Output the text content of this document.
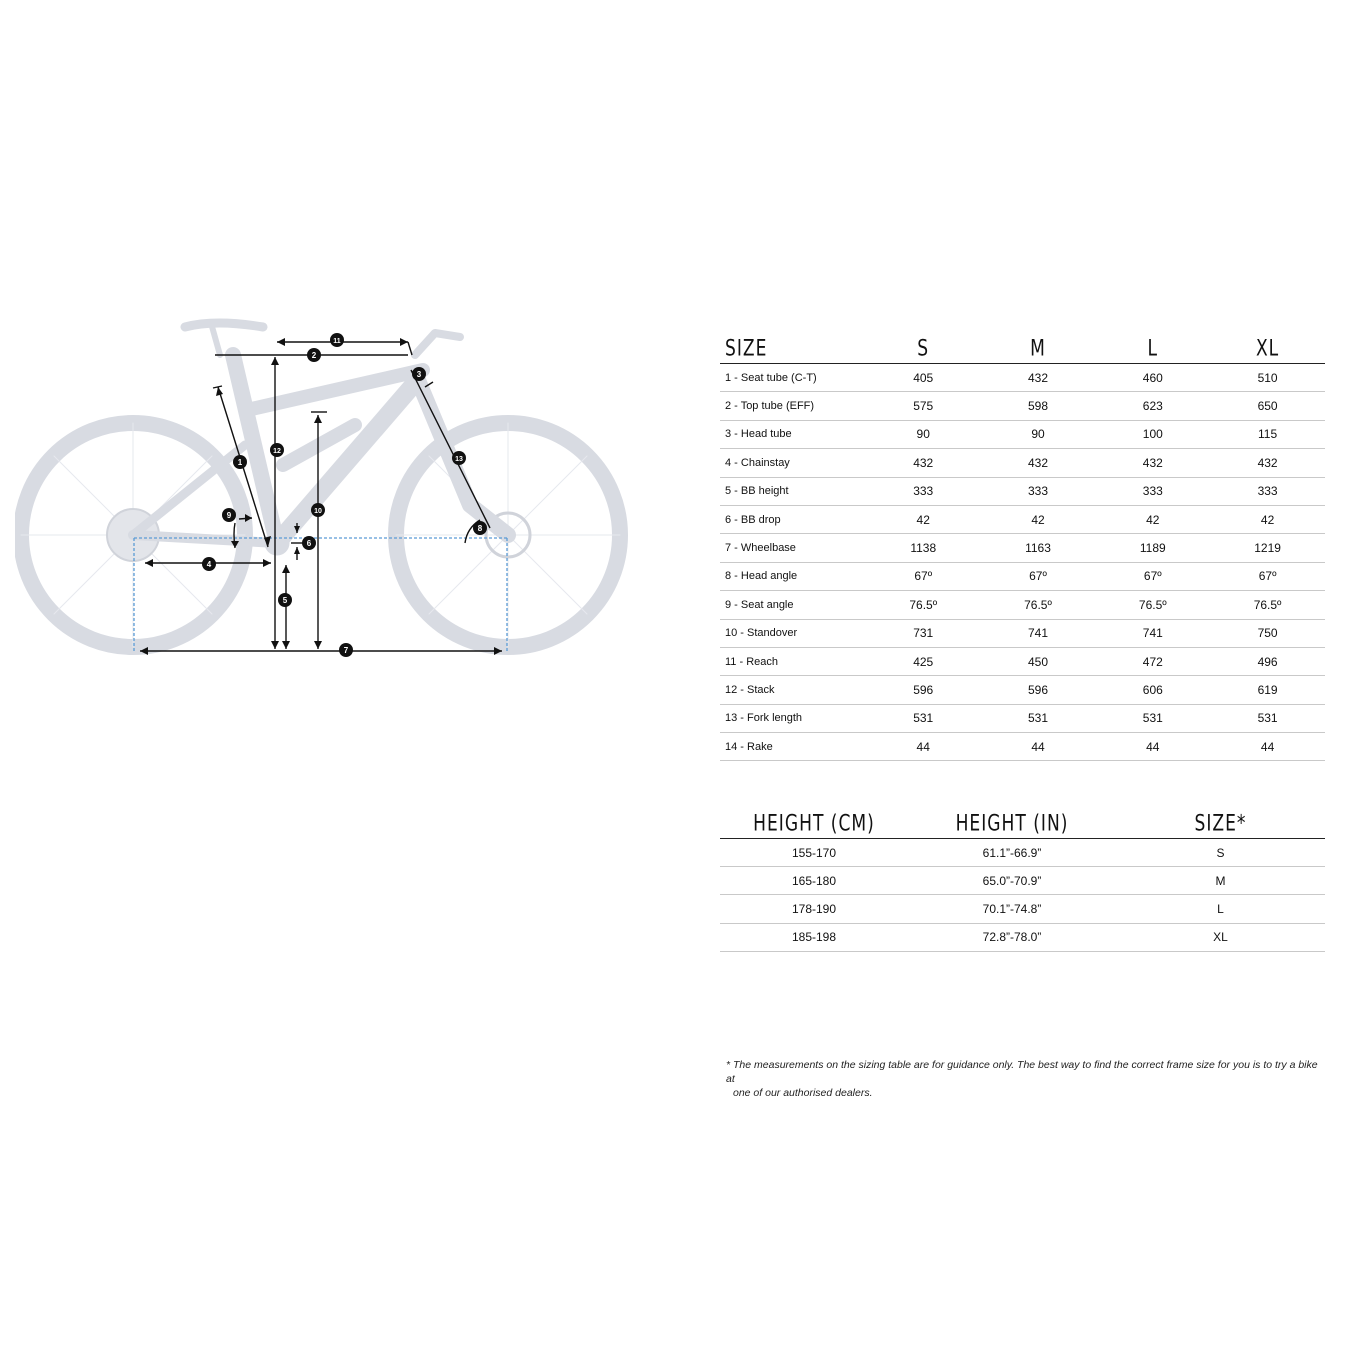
1
2
3
4
5
6
7
8
9	10
11
12
13
SIZE	S	M	L	XL
1 - Seat tube (C-T)	405	432	460	510
2 - Top tube (EFF)	575	598	623	650
3 - Head tube	90	90	100	115
4 - Chainstay	432	432	432	432
5 - BB height	333	333	333	333
6 - BB drop	42	42	42	42
7 - Wheelbase	1138	1163	1189	1219
8 - Head angle	67º	67º	67º	67º
9 - Seat angle	76.5º	76.5º	76.5º	76.5º
10 - Standover	731	741	741	750
11 - Reach	425	450	472	496
12 - Stack	596	596	606	619
13 - Fork length	531	531	531	531
14 - Rake	44	44	44	44
HEIGHT (CM)	HEIGHT (IN)	SIZE*
155-170	61.1”-66.9”	S
165-180	65.0”-70.9”	M
178-190	70.1”-74.8”	L
185-198	72.8”-78.0”	XL
* The measurements on the sizing table are for guidance only. The best way to find the correct frame size for you is to try a bike at
one of our authorised dealers.
